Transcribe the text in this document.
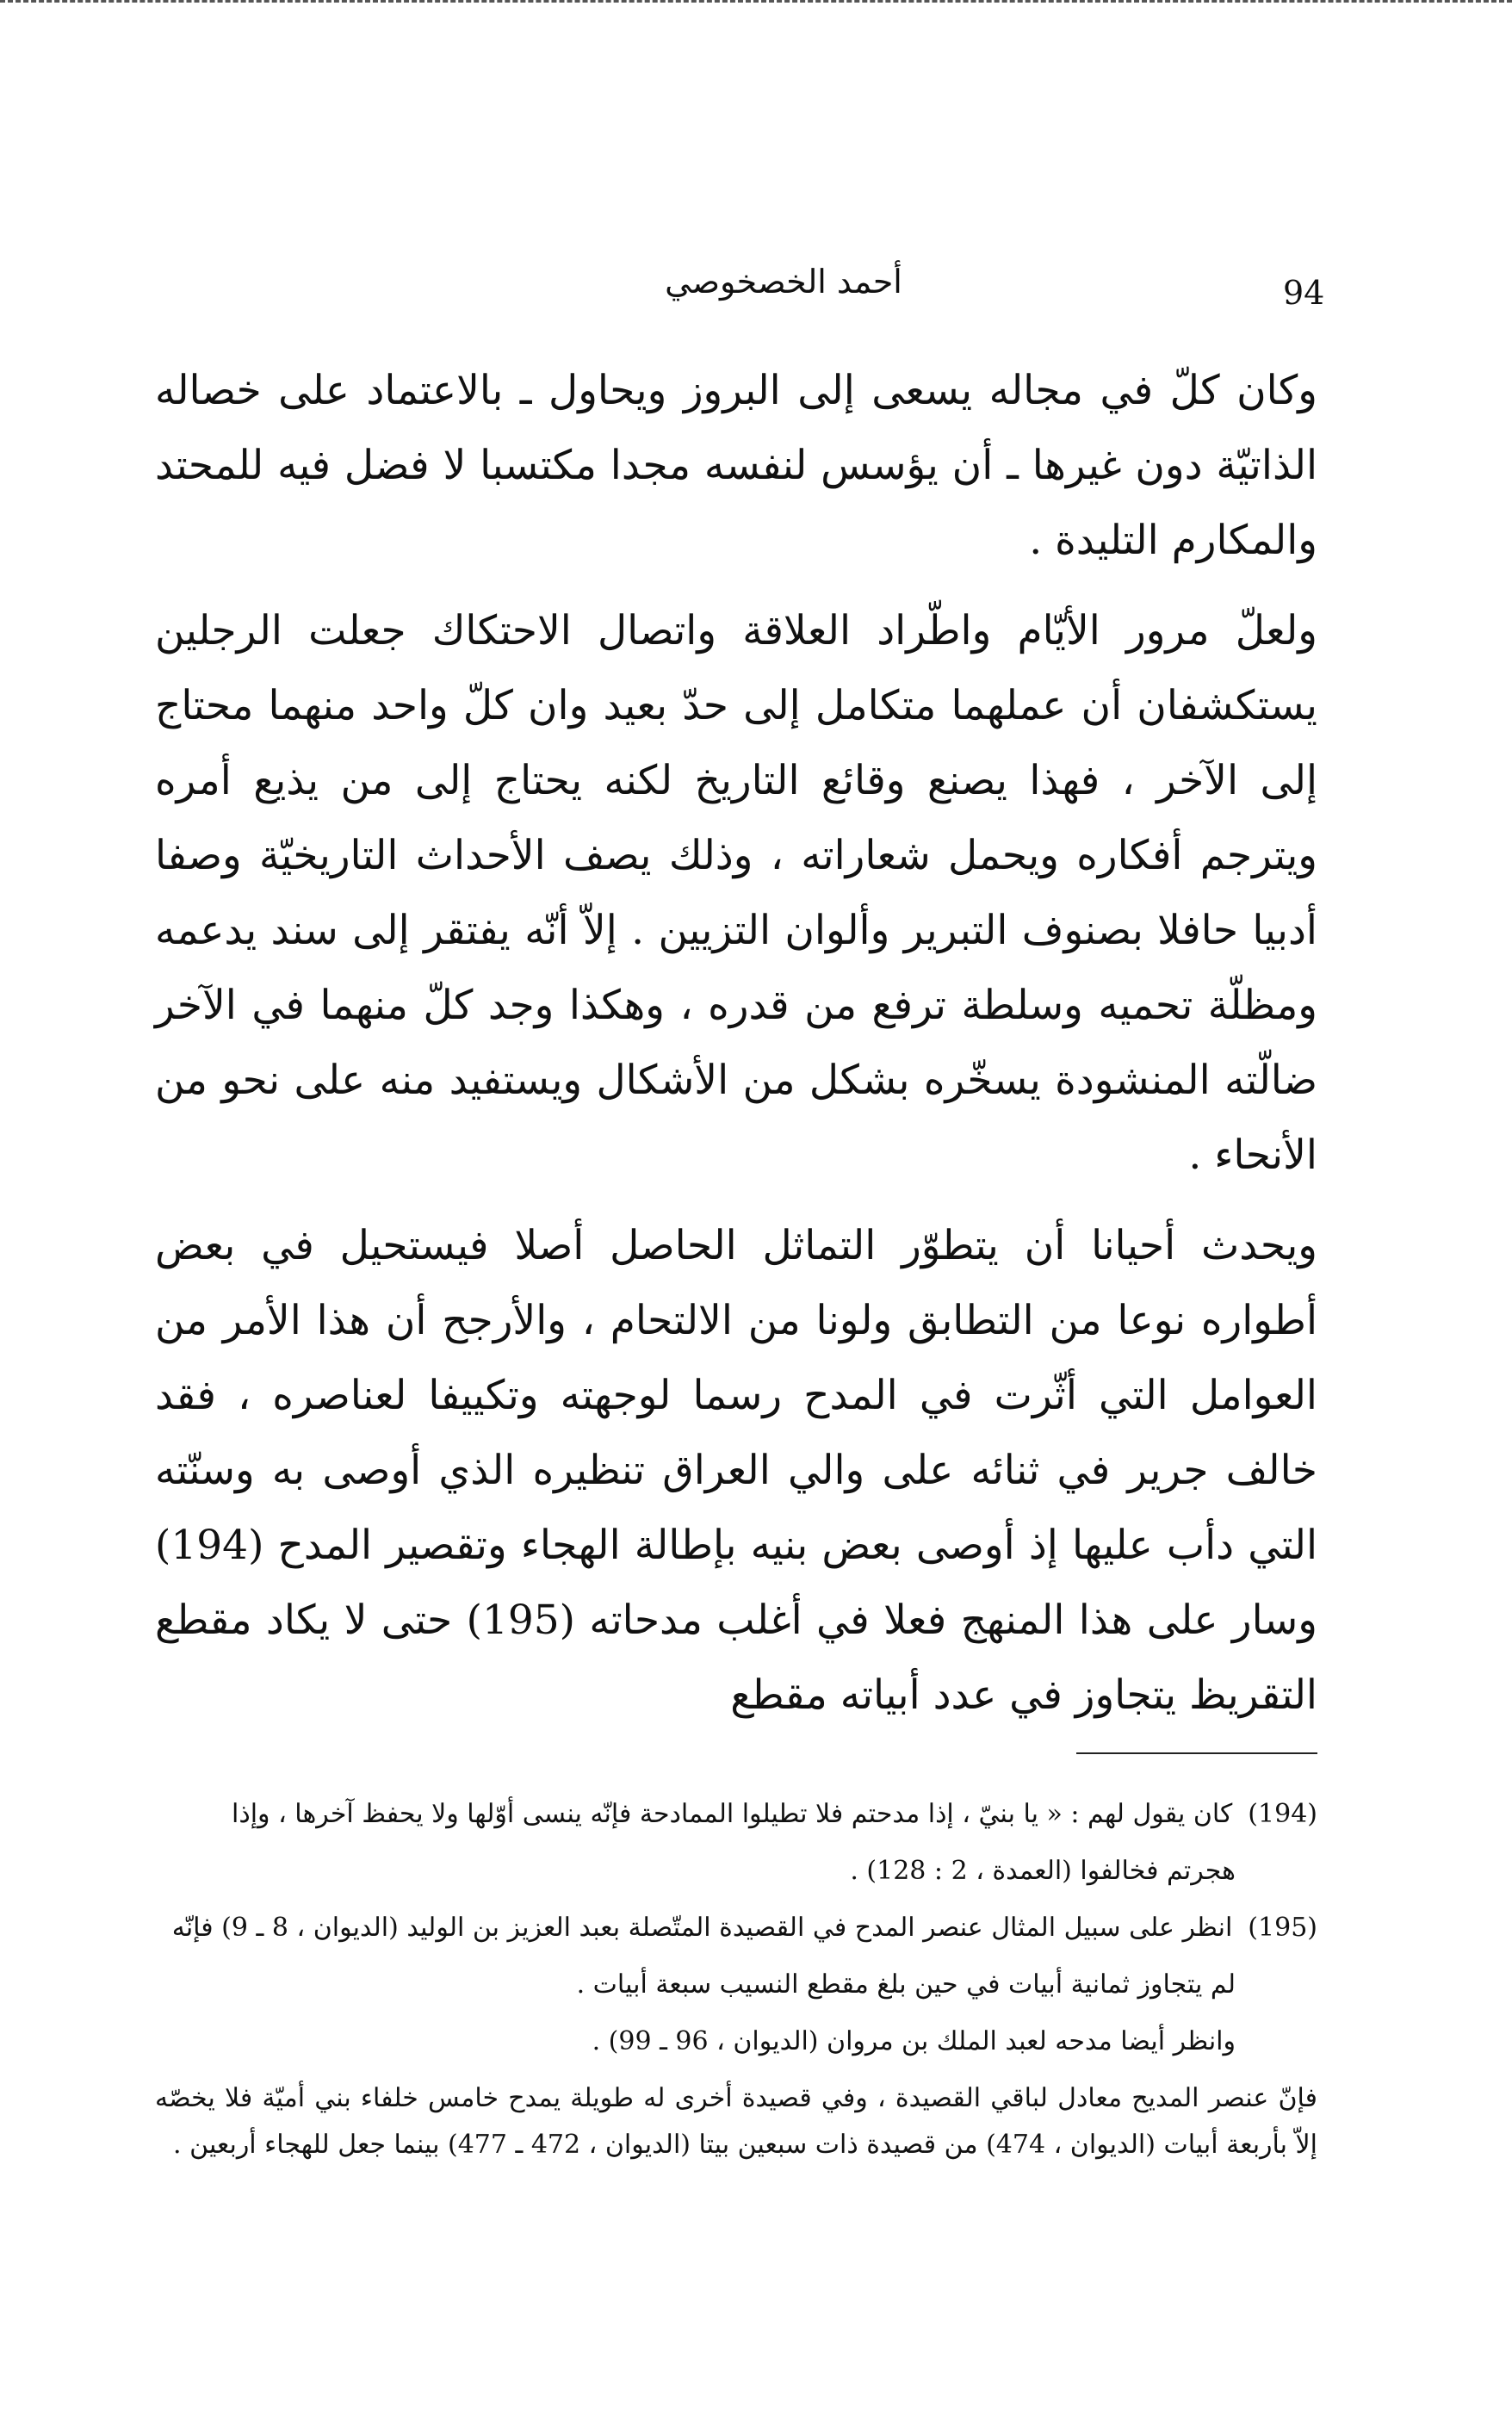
94
أحمد الخصخوصي

وكان كلّ في مجاله يسعى إلى البروز ويحاول ـ بالاعتماد على خصاله الذاتيّة دون غيرها ـ أن يؤسس لنفسه مجدا مكتسبا لا فضل فيه للمحتد والمكارم التليدة .

ولعلّ مرور الأيّام واطّراد العلاقة واتصال الاحتكاك جعلت الرجلين يستكشفان أن عملهما متكامل إلى حدّ بعيد وان كلّ واحد منهما محتاج إلى الآخر ، فهذا يصنع وقائع التاريخ لكنه يحتاج إلى من يذيع أمره ويترجم أفكاره ويحمل شعاراته ، وذلك يصف الأحداث التاريخيّة وصفا أدبيا حافلا بصنوف التبرير وألوان التزيين . إلاّ أنّه يفتقر إلى سند يدعمه ومظلّة تحميه وسلطة ترفع من قدره ، وهكذا وجد كلّ منهما في الآخر ضالّته المنشودة يسخّره بشكل من الأشكال ويستفيد منه على نحو من الأنحاء .

ويحدث أحيانا أن يتطوّر التماثل الحاصل أصلا فيستحيل في بعض أطواره نوعا من التطابق ولونا من الالتحام ، والأرجح أن هذا الأمر من العوامل التي أثّرت في المدح رسما لوجهته وتكييفا لعناصره ، فقد خالف جرير في ثنائه على والي العراق تنظيره الذي أوصى به وسنّته التي دأب عليها إذ أوصى بعض بنيه بإطالة الهجاء وتقصير المدح (194) وسار على هذا المنهج فعلا في أغلب مدحاته (195) حتى لا يكاد مقطع التقريظ يتجاوز في عدد أبياته مقطع

(194)كان يقول لهم : « يا بنيّ ، إذا مدحتم فلا تطيلوا الممادحة فإنّه ينسى أوّلها ولا يحفظ آخرها ، وإذا
هجرتم فخالفوا (العمدة ، 2 : 128) .
(195)انظر على سبيل المثال عنصر المدح في القصيدة المتّصلة بعبد العزيز بن الوليد (الديوان ، 8 ـ 9) فإنّه
لم يتجاوز ثمانية أبيات في حين بلغ مقطع النسيب سبعة أبيات .
وانظر أيضا مدحه لعبد الملك بن مروان (الديوان ، 96 ـ 99) .
فإنّ عنصر المديح معادل لباقي القصيدة ، وفي قصيدة أخرى له طويلة يمدح خامس خلفاء بني أميّة فلا يخصّه إلاّ بأربعة أبيات (الديوان ، 474) من قصيدة ذات سبعين بيتا (الديوان ، 472 ـ 477) بينما جعل للهجاء أربعين .
